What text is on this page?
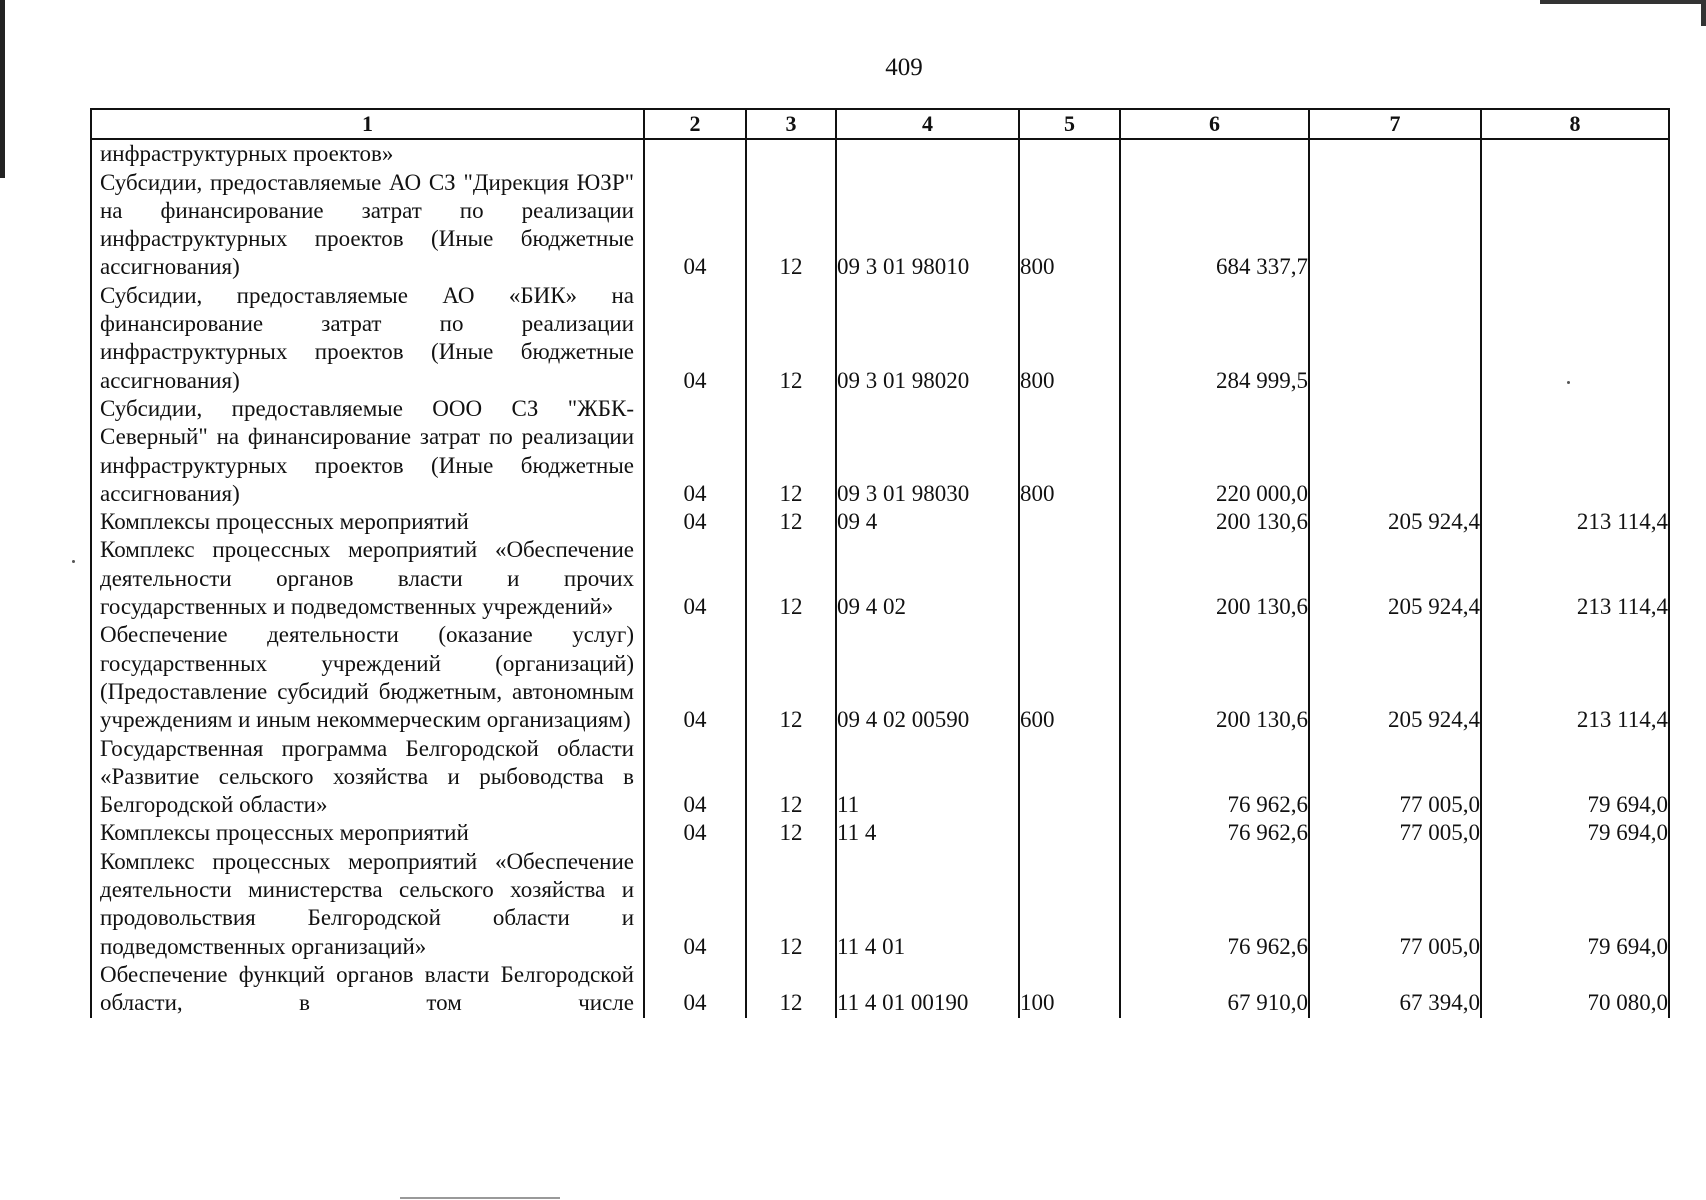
409
1	2	3	4	5	6	7	8
инфраструктурных проектов»							
Субсидии, предоставляемые АО СЗ "Дирекция ЮЗР" на финансирование затрат по реализации инфраструктурных проектов (Иные бюджетные ассигнования)	04	12	09 3 01 98010	800	684 337,7		
Субсидии, предоставляемые АО «БИК» на финансирование затрат по реализации инфраструктурных проектов (Иные бюджетные ассигнования)	04	12	09 3 01 98020	800	284 999,5		
Субсидии, предоставляемые ООО СЗ "ЖБК-Северный" на финансирование затрат по реализации инфраструктурных проектов (Иные бюджетные ассигнования)	04	12	09 3 01 98030	800	220 000,0		
Комплексы процессных мероприятий	04	12	09 4		200 130,6	205 924,4	213 114,4
Комплекс процессных мероприятий «Обеспечение деятельности органов власти и прочих государственных и подведомственных учреждений»	04	12	09 4 02		200 130,6	205 924,4	213 114,4
Обеспечение деятельности (оказание услуг) государственных учреждений (организаций) (Предоставление субсидий бюджетным, автономным учреждениям и иным некоммерческим организациям)	04	12	09 4 02 00590	600	200 130,6	205 924,4	213 114,4
Государственная программа Белгородской области «Развитие сельского хозяйства и рыбоводства в Белгородской области»	04	12	11		76 962,6	77 005,0	79 694,0
Комплексы процессных мероприятий	04	12	11 4		76 962,6	77 005,0	79 694,0
Комплекс процессных мероприятий «Обеспечение деятельности министерства сельского хозяйства и продовольствия Белгородской области и подведомственных организаций»	04	12	11 4 01		76 962,6	77 005,0	79 694,0
Обеспечение функций органов власти Белгородской области, в том числе	04	12	11 4 01 00190	100	67 910,0	67 394,0	70 080,0
